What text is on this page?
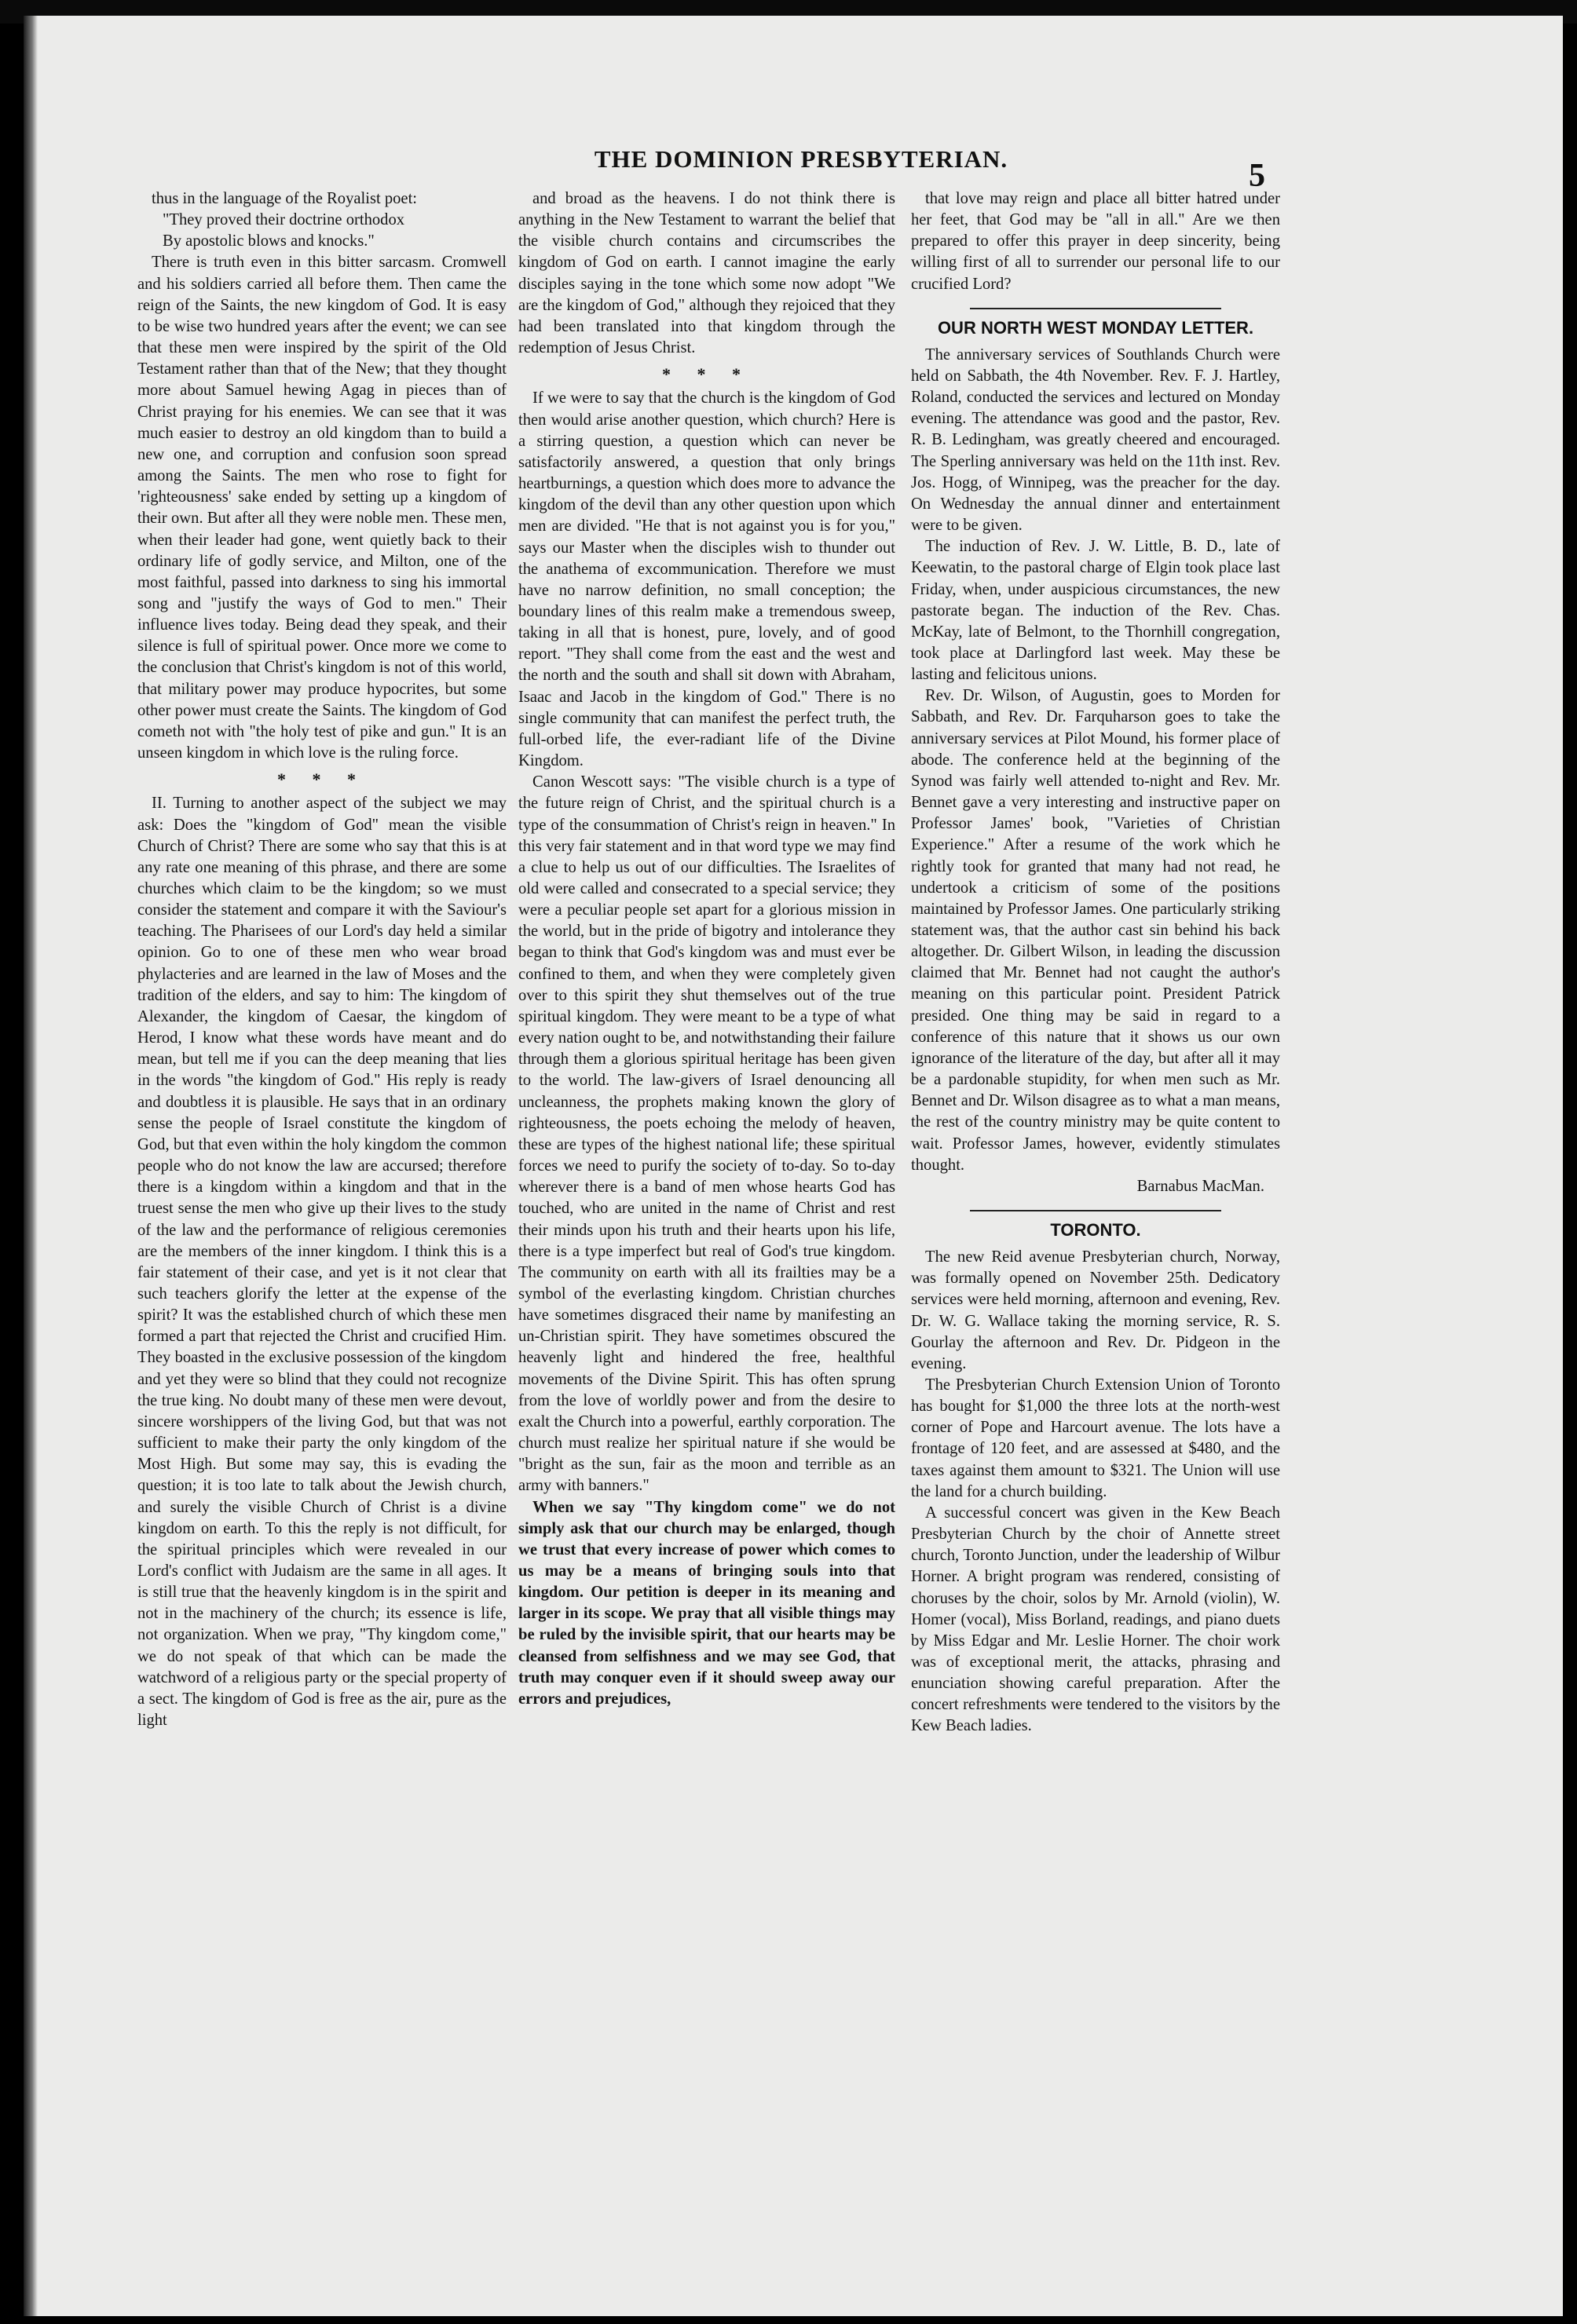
THE DOMINION PRESBYTERIAN.	5

thus in the language of the Royalist poet:

"They proved their doctrine orthodox

By apostolic blows and knocks."

There is truth even in this bitter sarcasm. Cromwell and his soldiers carried all before them. Then came the reign of the Saints, the new kingdom of God. It is easy to be wise two hundred years after the event; we can see that these men were inspired by the spirit of the Old Testament rather than that of the New; that they thought more about Samuel hewing Agag in pieces than of Christ praying for his enemies. We can see that it was much easier to destroy an old kingdom than to build a new one, and corruption and confusion soon spread among the Saints. The men who rose to fight for 'righteousness' sake ended by setting up a kingdom of their own. But after all they were noble men. These men, when their leader had gone, went quietly back to their ordinary life of godly service, and Milton, one of the most faithful, passed into darkness to sing his immortal song and "justify the ways of God to men." Their influence lives today. Being dead they speak, and their silence is full of spiritual power. Once more we come to the conclusion that Christ's kingdom is not of this world, that military power may produce hypocrites, but some other power must create the Saints. The kingdom of God cometh not with "the holy test of pike and gun." It is an unseen kingdom in which love is the ruling force.

* * *

II. Turning to another aspect of the subject we may ask: Does the "kingdom of God" mean the visible Church of Christ? There are some who say that this is at any rate one meaning of this phrase, and there are some churches which claim to be the kingdom; so we must consider the statement and compare it with the Saviour's teaching. The Pharisees of our Lord's day held a similar opinion. Go to one of these men who wear broad phylacteries and are learned in the law of Moses and the tradition of the elders, and say to him: The kingdom of Alexander, the kingdom of Caesar, the kingdom of Herod, I know what these words have meant and do mean, but tell me if you can the deep meaning that lies in the words "the kingdom of God." His reply is ready and doubtless it is plausible. He says that in an ordinary sense the people of Israel constitute the kingdom of God, but that even within the holy kingdom the common people who do not know the law are accursed; therefore there is a kingdom within a kingdom and that in the truest sense the men who give up their lives to the study of the law and the performance of religious ceremonies are the members of the inner kingdom. I think this is a fair statement of their case, and yet is it not clear that such teachers glorify the letter at the expense of the spirit? It was the established church of which these men formed a part that rejected the Christ and crucified Him. They boasted in the exclusive possession of the kingdom and yet they were so blind that they could not recognize the true king. No doubt many of these men were devout, sincere worshippers of the living God, but that was not sufficient to make their party the only kingdom of the Most High. But some may say, this is evading the question; it is too late to talk about the Jewish church, and surely the visible Church of Christ is a divine kingdom on earth. To this the reply is not difficult, for the spiritual principles which were revealed in our Lord's conflict with Judaism are the same in all ages. It is still true that the heavenly kingdom is in the spirit and not in the machinery of the church; its essence is life, not organization. When we pray, "Thy kingdom come," we do not speak of that which can be made the watchword of a religious party or the special property of a sect. The kingdom of God is free as the air, pure as the light

and broad as the heavens. I do not think there is anything in the New Testament to warrant the belief that the visible church contains and circumscribes the kingdom of God on earth. I cannot imagine the early disciples saying in the tone which some now adopt "We are the kingdom of God," although they rejoiced that they had been translated into that kingdom through the redemption of Jesus Christ.

* * *

If we were to say that the church is the kingdom of God then would arise another question, which church? Here is a stirring question, a question which can never be satisfactorily answered, a question that only brings heartburnings, a question which does more to advance the kingdom of the devil than any other question upon which men are divided. "He that is not against you is for you," says our Master when the disciples wish to thunder out the anathema of excommunication. Therefore we must have no narrow definition, no small conception; the boundary lines of this realm make a tremendous sweep, taking in all that is honest, pure, lovely, and of good report. "They shall come from the east and the west and the north and the south and shall sit down with Abraham, Isaac and Jacob in the kingdom of God." There is no single community that can manifest the perfect truth, the full-orbed life, the ever-radiant life of the Divine Kingdom.

Canon Wescott says: "The visible church is a type of the future reign of Christ, and the spiritual church is a type of the consummation of Christ's reign in heaven." In this very fair statement and in that word type we may find a clue to help us out of our difficulties. The Israelites of old were called and consecrated to a special service; they were a peculiar people set apart for a glorious mission in the world, but in the pride of bigotry and intolerance they began to think that God's kingdom was and must ever be confined to them, and when they were completely given over to this spirit they shut themselves out of the true spiritual kingdom. They were meant to be a type of what every nation ought to be, and notwithstanding their failure through them a glorious spiritual heritage has been given to the world. The law-givers of Israel denouncing all uncleanness, the prophets making known the glory of righteousness, the poets echoing the melody of heaven, these are types of the highest national life; these spiritual forces we need to purify the society of to-day. So to-day wherever there is a band of men whose hearts God has touched, who are united in the name of Christ and rest their minds upon his truth and their hearts upon his life, there is a type imperfect but real of God's true kingdom. The community on earth with all its frailties may be a symbol of the everlasting kingdom. Christian churches have sometimes disgraced their name by manifesting an un-Christian spirit. They have sometimes obscured the heavenly light and hindered the free, healthful movements of the Divine Spirit. This has often sprung from the love of worldly power and from the desire to exalt the Church into a powerful, earthly corporation. The church must realize her spiritual nature if she would be "bright as the sun, fair as the moon and terrible as an army with banners."

When we say "Thy kingdom come" we do not simply ask that our church may be enlarged, though we trust that every increase of power which comes to us may be a means of bringing souls into that kingdom. Our petition is deeper in its meaning and larger in its scope. We pray that all visible things may be ruled by the invisible spirit, that our hearts may be cleansed from selfishness and we may see God, that truth may conquer even if it should sweep away our errors and prejudices,

that love may reign and place all bitter hatred under her feet, that God may be "all in all." Are we then prepared to offer this prayer in deep sincerity, being willing first of all to surrender our personal life to our crucified Lord?

OUR NORTH WEST MONDAY LETTER.

The anniversary services of Southlands Church were held on Sabbath, the 4th November. Rev. F. J. Hartley, Roland, conducted the services and lectured on Monday evening. The attendance was good and the pastor, Rev. R. B. Ledingham, was greatly cheered and encouraged. The Sperling anniversary was held on the 11th inst. Rev. Jos. Hogg, of Winnipeg, was the preacher for the day. On Wednesday the annual dinner and entertainment were to be given.

The induction of Rev. J. W. Little, B. D., late of Keewatin, to the pastoral charge of Elgin took place last Friday, when, under auspicious circumstances, the new pastorate began. The induction of the Rev. Chas. McKay, late of Belmont, to the Thornhill congregation, took place at Darlingford last week. May these be lasting and felicitous unions.

Rev. Dr. Wilson, of Augustin, goes to Morden for Sabbath, and Rev. Dr. Farquharson goes to take the anniversary services at Pilot Mound, his former place of abode. The conference held at the beginning of the Synod was fairly well attended to-night and Rev. Mr. Bennet gave a very interesting and instructive paper on Professor James' book, "Varieties of Christian Experience." After a resume of the work which he rightly took for granted that many had not read, he undertook a criticism of some of the positions maintained by Professor James. One particularly striking statement was, that the author cast sin behind his back altogether. Dr. Gilbert Wilson, in leading the discussion claimed that Mr. Bennet had not caught the author's meaning on this particular point. President Patrick presided. One thing may be said in regard to a conference of this nature that it shows us our own ignorance of the literature of the day, but after all it may be a pardonable stupidity, for when men such as Mr. Bennet and Dr. Wilson disagree as to what a man means, the rest of the country ministry may be quite content to wait. Professor James, however, evidently stimulates thought.

Barnabus MacMan.

TORONTO.

The new Reid avenue Presbyterian church, Norway, was formally opened on November 25th. Dedicatory services were held morning, afternoon and evening, Rev. Dr. W. G. Wallace taking the morning service, R. S. Gourlay the afternoon and Rev. Dr. Pidgeon in the evening.

The Presbyterian Church Extension Union of Toronto has bought for $1,000 the three lots at the north-west corner of Pope and Harcourt avenue. The lots have a frontage of 120 feet, and are assessed at $480, and the taxes against them amount to $321. The Union will use the land for a church building.

A successful concert was given in the Kew Beach Presbyterian Church by the choir of Annette street church, Toronto Junction, under the leadership of Wilbur Horner. A bright program was rendered, consisting of choruses by the choir, solos by Mr. Arnold (violin), W. Homer (vocal), Miss Borland, readings, and piano duets by Miss Edgar and Mr. Leslie Horner. The choir work was of exceptional merit, the attacks, phrasing and enunciation showing careful preparation. After the concert refreshments were tendered to the visitors by the Kew Beach ladies.
